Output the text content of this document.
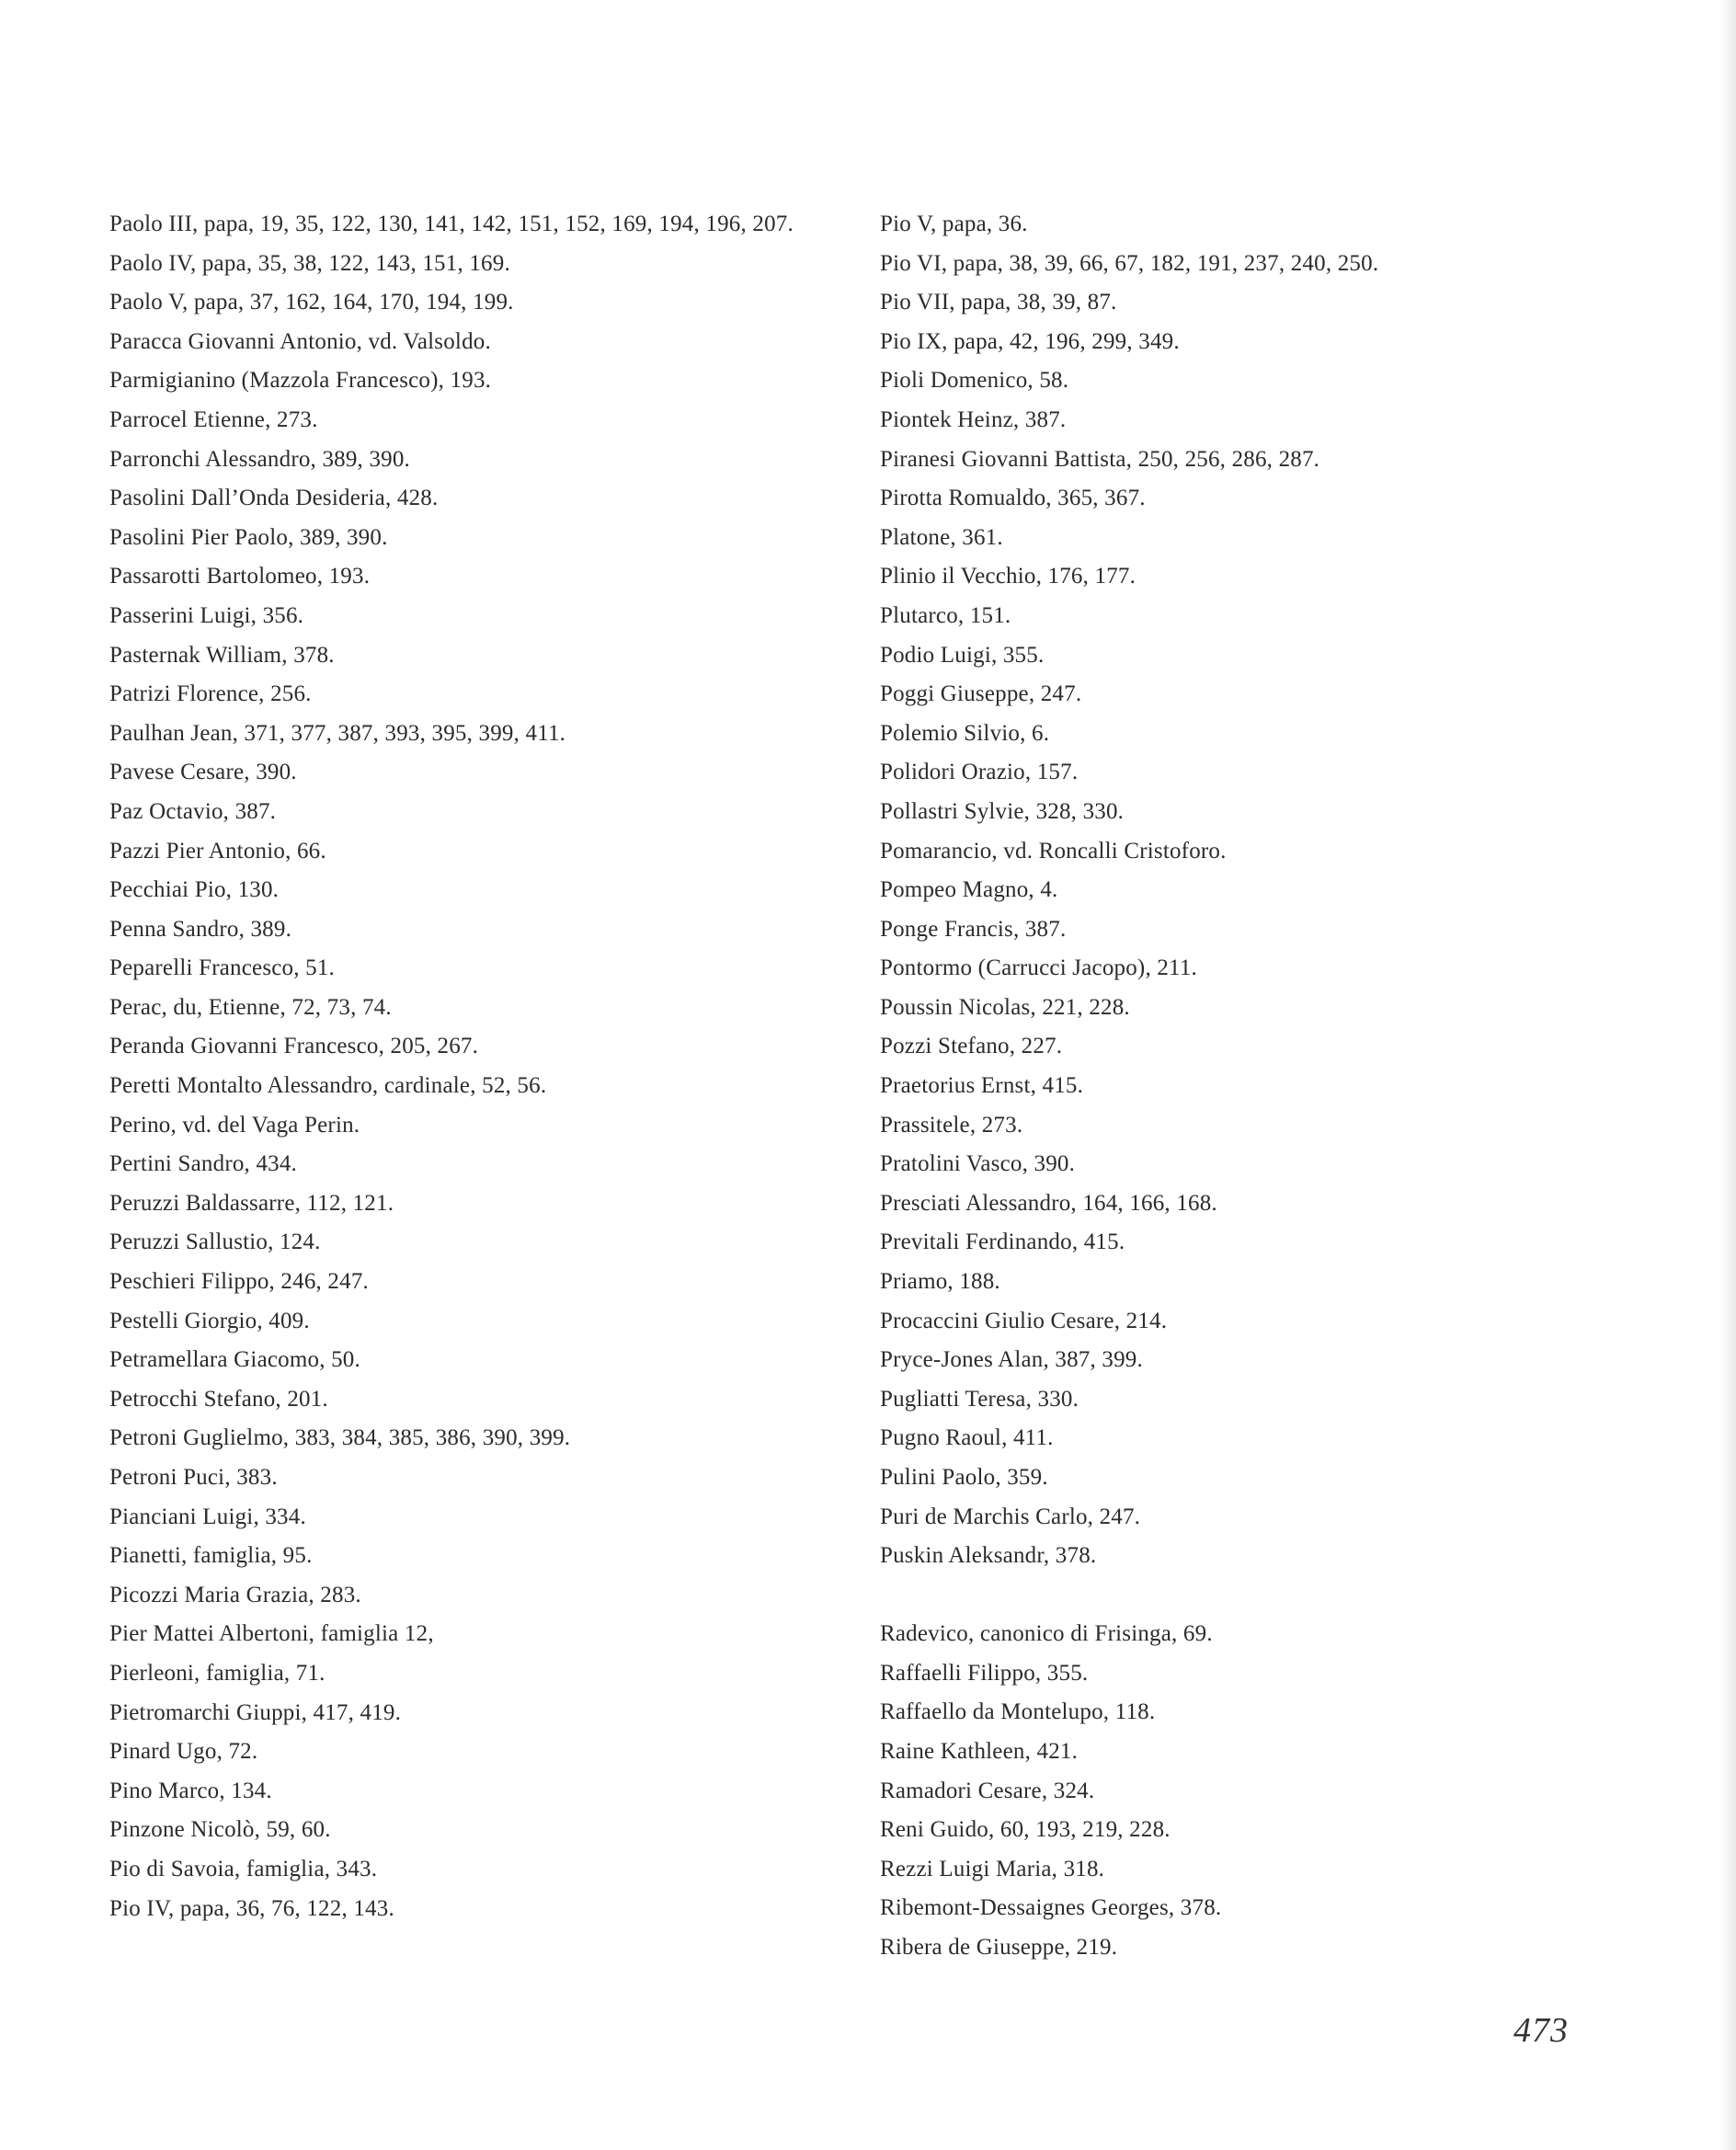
Paolo III, papa, 19, 35, 122, 130, 141, 142, 151, 152, 169, 194, 196, 207.
Paolo IV, papa, 35, 38, 122, 143, 151, 169.
Paolo V, papa, 37, 162, 164, 170, 194, 199.
Paracca Giovanni Antonio, vd. Valsoldo.
Parmigianino (Mazzola Francesco), 193.
Parrocel Etienne, 273.
Parronchi Alessandro, 389, 390.
Pasolini Dall’Onda Desideria, 428.
Pasolini Pier Paolo, 389, 390.
Passarotti Bartolomeo, 193.
Passerini Luigi, 356.
Pasternak William, 378.
Patrizi Florence, 256.
Paulhan Jean, 371, 377, 387, 393, 395, 399, 411.
Pavese Cesare, 390.
Paz Octavio, 387.
Pazzi Pier Antonio, 66.
Pecchiai Pio, 130.
Penna Sandro, 389.
Peparelli Francesco, 51.
Perac, du, Etienne, 72, 73, 74.
Peranda Giovanni Francesco, 205, 267.
Peretti Montalto Alessandro, cardinale, 52, 56.
Perino, vd. del Vaga Perin.
Pertini Sandro, 434.
Peruzzi Baldassarre, 112, 121.
Peruzzi Sallustio, 124.
Peschieri Filippo, 246, 247.
Pestelli Giorgio, 409.
Petramellara Giacomo, 50.
Petrocchi Stefano, 201.
Petroni Guglielmo, 383, 384, 385, 386, 390, 399.
Petroni Puci, 383.
Pianciani Luigi, 334.
Pianetti, famiglia, 95.
Picozzi Maria Grazia, 283.
Pier Mattei Albertoni, famiglia 12,
Pierleoni, famiglia, 71.
Pietromarchi Giuppi, 417, 419.
Pinard Ugo, 72.
Pino Marco, 134.
Pinzone Nicolò, 59, 60.
Pio di Savoia, famiglia, 343.
Pio IV, papa, 36, 76, 122, 143.
Pio V, papa, 36.
Pio VI, papa, 38, 39, 66, 67, 182, 191, 237, 240, 250.
Pio VII, papa, 38, 39, 87.
Pio IX, papa, 42, 196, 299, 349.
Pioli Domenico, 58.
Piontek Heinz, 387.
Piranesi Giovanni Battista, 250, 256, 286, 287.
Pirotta Romualdo, 365, 367.
Platone, 361.
Plinio il Vecchio, 176, 177.
Plutarco, 151.
Podio Luigi, 355.
Poggi Giuseppe, 247.
Polemio Silvio, 6.
Polidori Orazio, 157.
Pollastri Sylvie, 328, 330.
Pomarancio, vd. Roncalli Cristoforo.
Pompeo Magno, 4.
Ponge Francis, 387.
Pontormo (Carrucci Jacopo), 211.
Poussin Nicolas, 221, 228.
Pozzi Stefano, 227.
Praetorius Ernst, 415.
Prassitele, 273.
Pratolini Vasco, 390.
Presciati Alessandro, 164, 166, 168.
Previtali Ferdinando, 415.
Priamo, 188.
Procaccini Giulio Cesare, 214.
Pryce-Jones Alan, 387, 399.
Pugliatti Teresa, 330.
Pugno Raoul, 411.
Pulini Paolo, 359.
Puri de Marchis Carlo, 247.
Puskin Aleksandr, 378.
Radevico, canonico di Frisinga, 69.
Raffaelli Filippo, 355.
Raffaello da Montelupo, 118.
Raine Kathleen, 421.
Ramadori Cesare, 324.
Reni Guido, 60, 193, 219, 228.
Rezzi Luigi Maria, 318.
Ribemont-Dessaignes Georges, 378.
Ribera de Giuseppe, 219.
473
